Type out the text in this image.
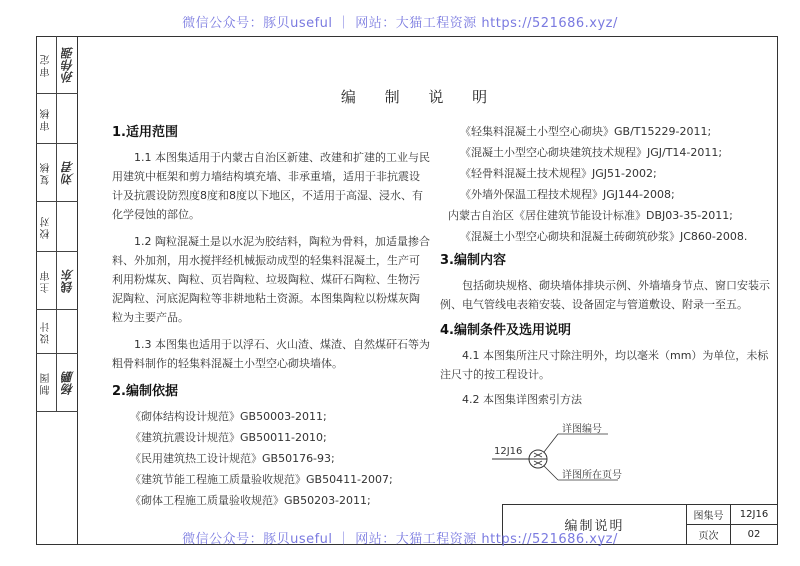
微信公众号：豚贝useful ｜ 网站：大猫工程资源 https://521686.xyz/
审定 孙伟强
审核
复核 刘君
校对
主审 钱东
设计
制图 杨鹏
编 制 说 明
1.适用范围

1.1 本图集适用于内蒙古自治区新建、改建和扩建的工业与民用建筑中框架和剪力墙结构填充墙、非承重墙，适用于非抗震设计及抗震设防烈度8度和8度以下地区，不适用于高湿、浸水、有化学侵蚀的部位。

1.2 陶粒混凝土是以水泥为胶结料，陶粒为骨料，加适量掺合料、外加剂，用水搅拌经机械振动成型的轻集料混凝土，生产可利用粉煤灰、陶粒、页岩陶粒、垃圾陶粒、煤矸石陶粒、生物污泥陶粒、河底泥陶粒等非耕地粘土资源。本图集陶粒以粉煤灰陶粒为主要产品。

1.3 本图集也适用于以浮石、火山渣、煤渣、自然煤矸石等为粗骨料制作的轻集料混凝土小型空心砌块墙体。

2.编制依据

《砌体结构设计规范》GB50003-2011;

《建筑抗震设计规范》GB50011-2010;

《民用建筑热工设计规范》GB50176-93;

《建筑节能工程施工质量验收规范》GB50411-2007;

《砌体工程施工质量验收规范》GB50203-2011;

《轻集料混凝土小型空心砌块》GB/T15229-2011;

《混凝土小型空心砌块建筑技术规程》JGJ/T14-2011;

《轻骨料混凝土技术规程》JGJ51-2002;

《外墙外保温工程技术规程》JGJ144-2008;

内蒙古自治区《居住建筑节能设计标准》DBJ03-35-2011;

《混凝土小型空心砌块和混凝土砖砌筑砂浆》JC860-2008.

3.编制内容

包括砌块规格、砌块墙体排块示例、外墙墙身节点、窗口安装示例、电气管线电表箱安装、设备固定与管道敷设、附录一至五。

4.编制条件及选用说明

4.1 本图集所注尺寸除注明外，均以毫米（mm）为单位，未标注尺寸的按工程设计。

4.2 本图集详图索引方法

12J16
详图编号
详图所在页号
编制说明
图集号	12J16
页次	02
微信公众号：豚贝useful ｜ 网站：大猫工程资源 https://521686.xyz/
